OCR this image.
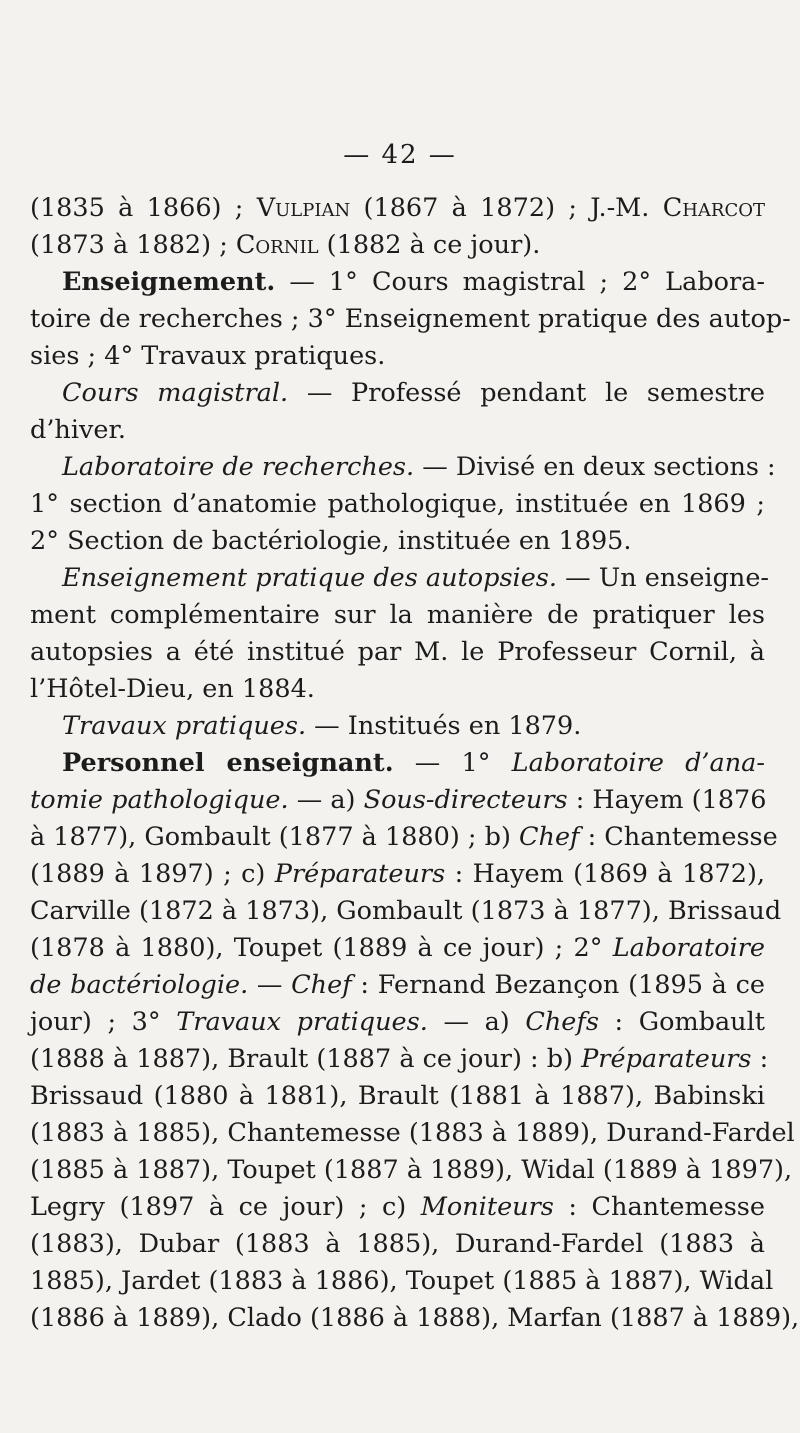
— 42 —
(1835 à 1866) ; Vulpian (1867 à 1872) ; J.-M. Charcot
(1873 à 1882) ; Cornil (1882 à ce jour).
Enseignement. — 1° Cours magistral ; 2° Labora-
toire de recherches ; 3° Enseignement pratique des autop-
sies ; 4° Travaux pratiques.
Cours magistral. — Professé pendant le semestre
d’hiver.
Laboratoire de recherches. — Divisé en deux sections :
1° section d’anatomie pathologique, instituée en 1869 ;
2° Section de bactériologie, instituée en 1895.
Enseignement pratique des autopsies. — Un enseigne-
ment complémentaire sur la manière de pratiquer les
autopsies a été institué par M. le Professeur Cornil, à
l’Hôtel-Dieu, en 1884.
Travaux pratiques. — Institués en 1879.
Personnel enseignant. — 1° Laboratoire d’ana-
tomie pathologique. — a) Sous-directeurs : Hayem (1876
à 1877), Gombault (1877 à 1880) ; b) Chef : Chantemesse
(1889 à 1897) ; c) Préparateurs : Hayem (1869 à 1872),
Carville (1872 à 1873), Gombault (1873 à 1877), Brissaud
(1878 à 1880), Toupet (1889 à ce jour) ; 2° Laboratoire
de bactériologie. — Chef : Fernand Bezançon (1895 à ce
jour) ; 3° Travaux pratiques. — a) Chefs : Gombault
(1888 à 1887), Brault (1887 à ce jour) : b) Préparateurs :
Brissaud (1880 à 1881), Brault (1881 à 1887), Babinski
(1883 à 1885), Chantemesse (1883 à 1889), Durand-Fardel
(1885 à 1887), Toupet (1887 à 1889), Widal (1889 à 1897),
Legry (1897 à ce jour) ; c) Moniteurs : Chantemesse
(1883), Dubar (1883 à 1885), Durand-Fardel (1883 à
1885), Jardet (1883 à 1886), Toupet (1885 à 1887), Widal
(1886 à 1889), Clado (1886 à 1888), Marfan (1887 à 1889),
